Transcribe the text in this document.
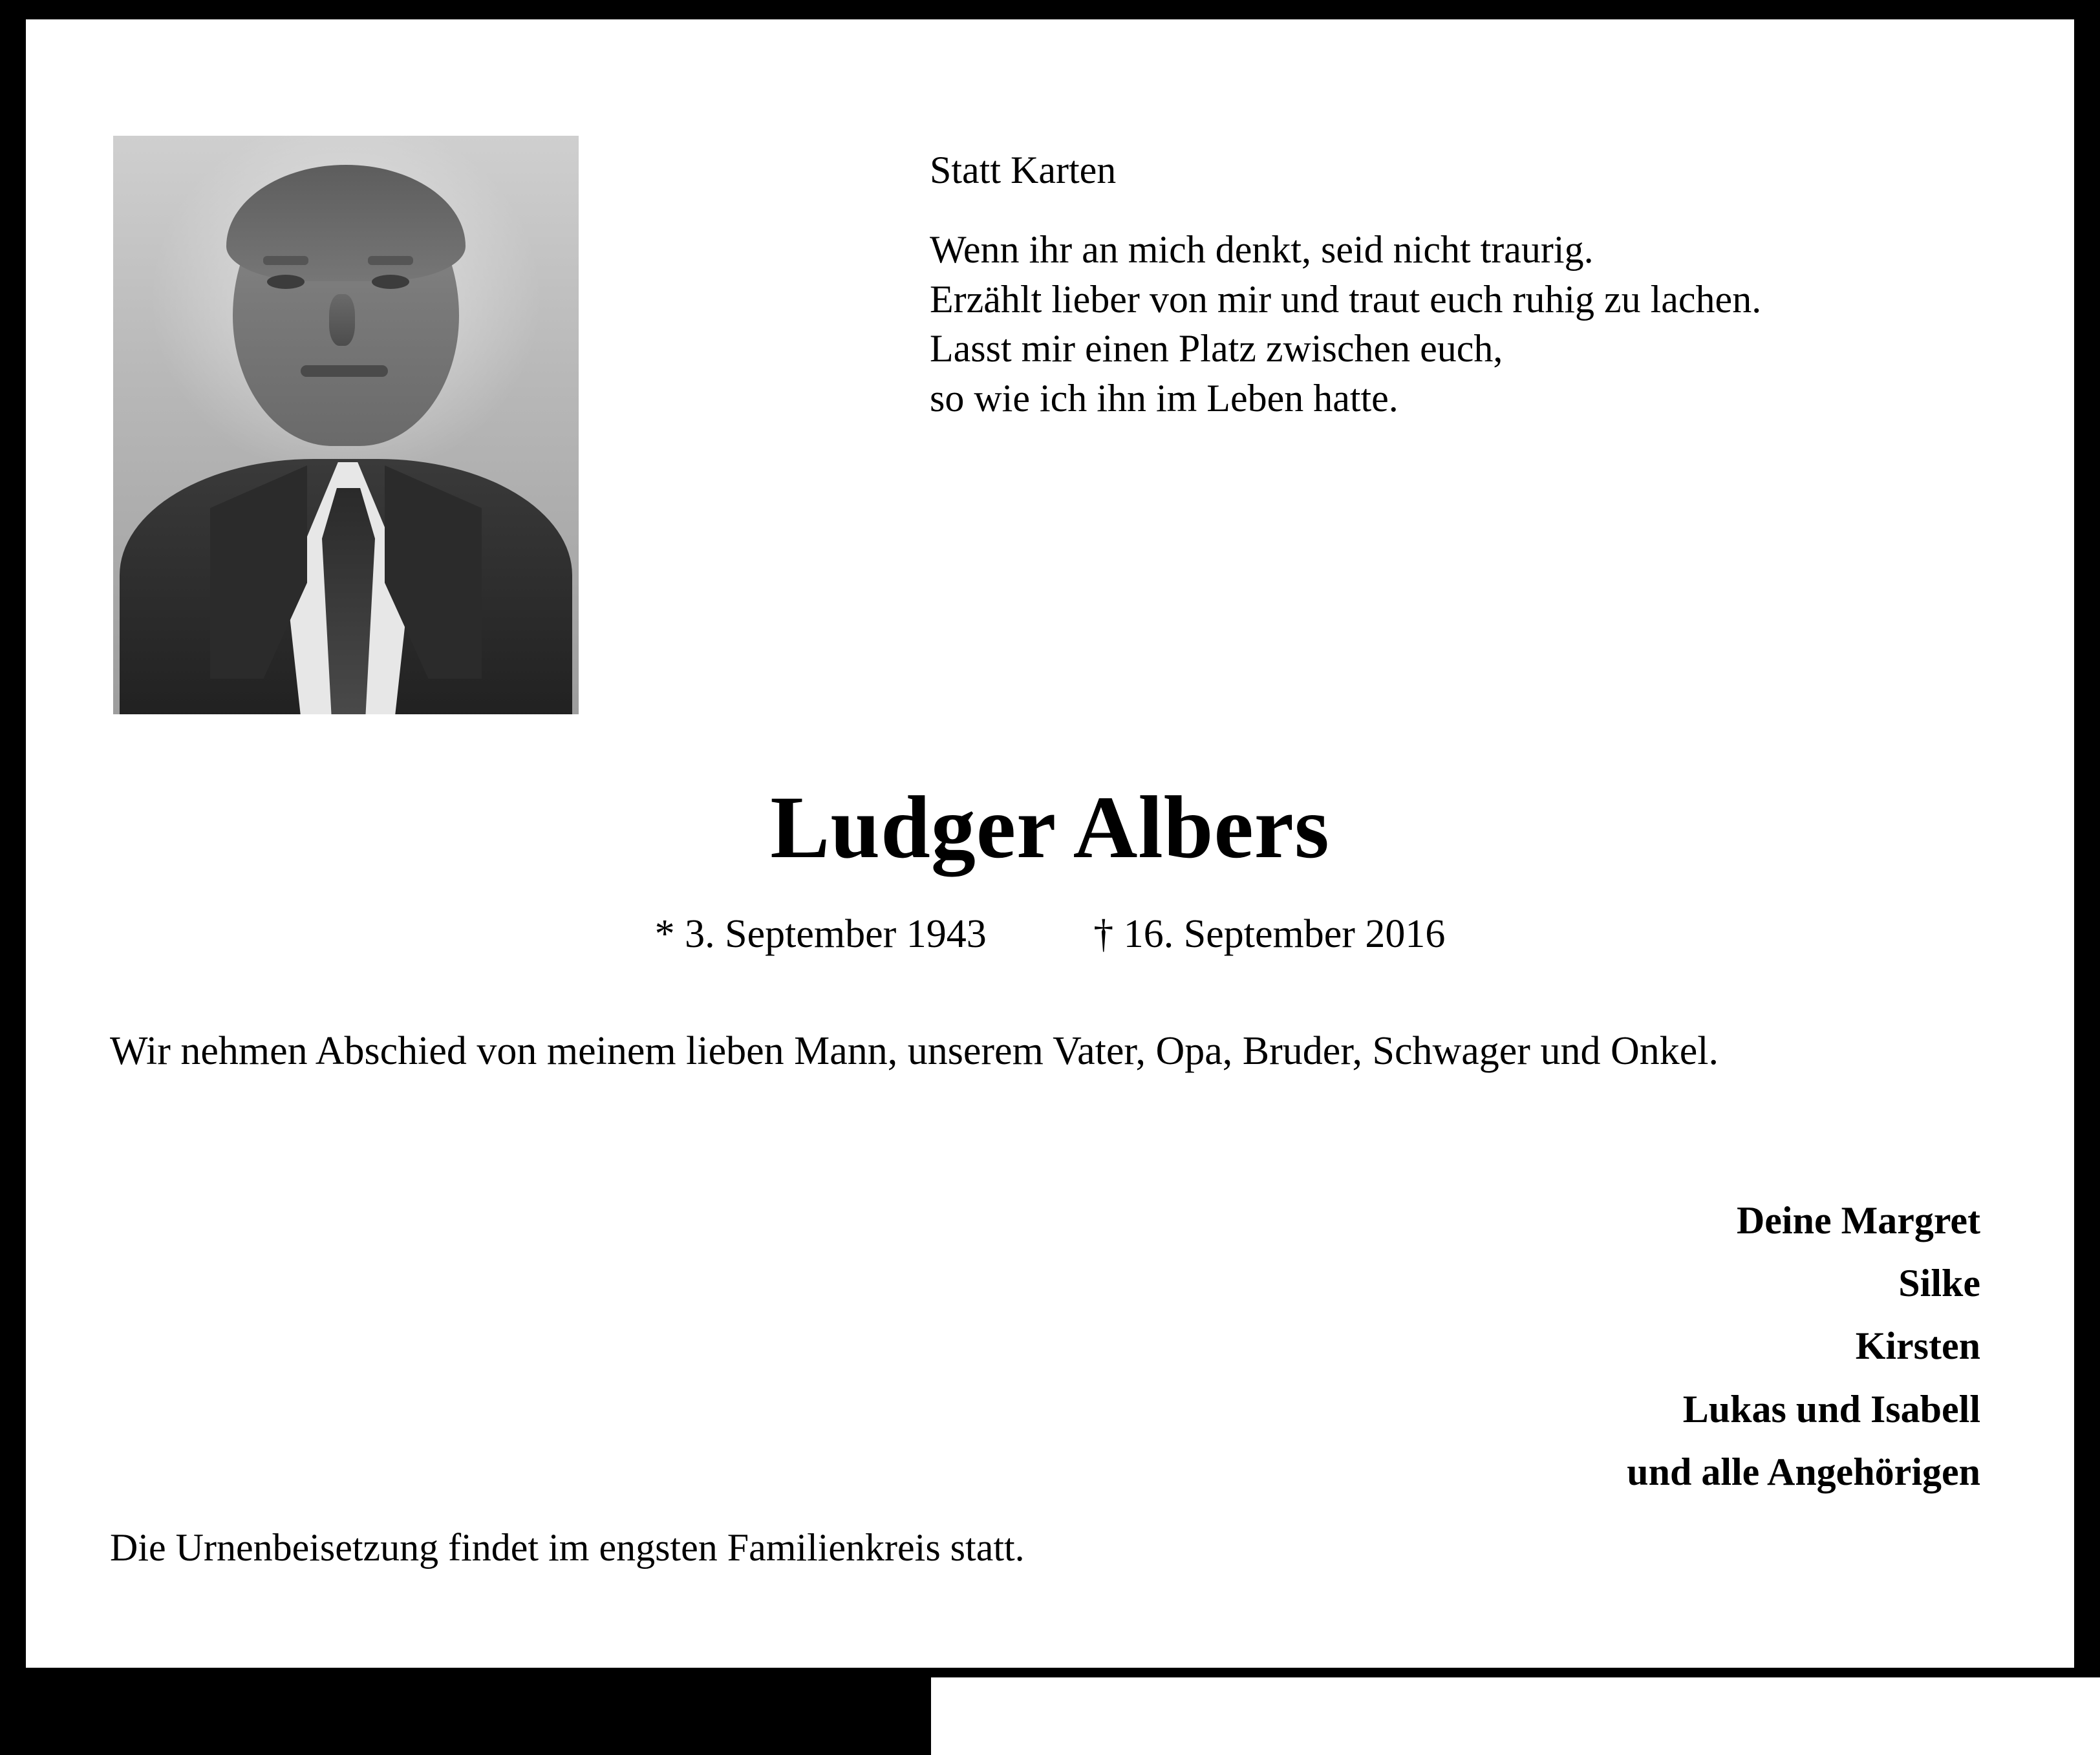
Statt Karten

Wenn ihr an mich denkt, seid nicht traurig.

Erzählt lieber von mir und traut euch ruhig zu lachen.

Lasst mir einen Platz zwischen euch,

so wie ich ihn im Leben hatte.

Ludger Albers
* 3. September 1943	† 16. September 2016
Wir nehmen Abschied von meinem lieben Mann, unserem Vater, Opa, Bruder, Schwager und Onkel.
Deine Margret
Silke
Kirsten
Lukas und Isabell
und alle Angehörigen
Die Urnenbeisetzung findet im engsten Familienkreis statt.
